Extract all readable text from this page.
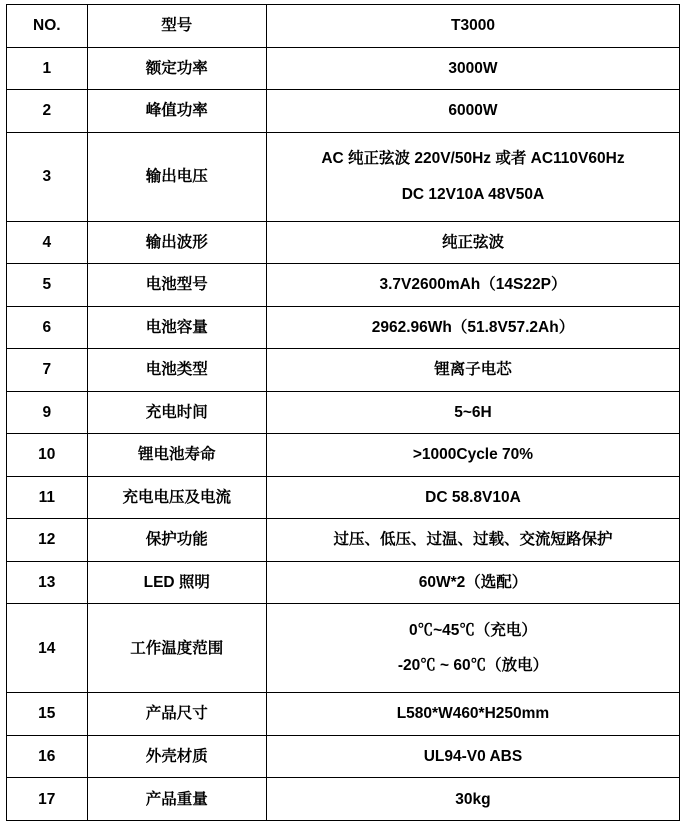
NO.	型号	T3000

1	额定功率	3000W

2	峰值功率	6000W

3	输出电压	AC 纯正弦波 220V/50Hz 或者 AC110V60Hz
DC 12V10A 48V50A

4	输出波形	纯正弦波

5	电池型号	3.7V2600mAh（14S22P）

6	电池容量	2962.96Wh（51.8V57.2Ah）

7	电池类型	锂离子电芯

9	充电时间	5~6H

10	锂电池寿命	>1000Cycle 70%

11	充电电压及电流	DC 58.8V10A

12	保护功能	过压、低压、过温、过载、交流短路保护

13	LED 照明	60W*2（选配）

14	工作温度范围	0℃~45℃（充电）
-20℃ ~ 60℃（放电）

15	产品尺寸	L580*W460*H250mm

16	外壳材质	UL94-V0 ABS

17	产品重量	30kg
